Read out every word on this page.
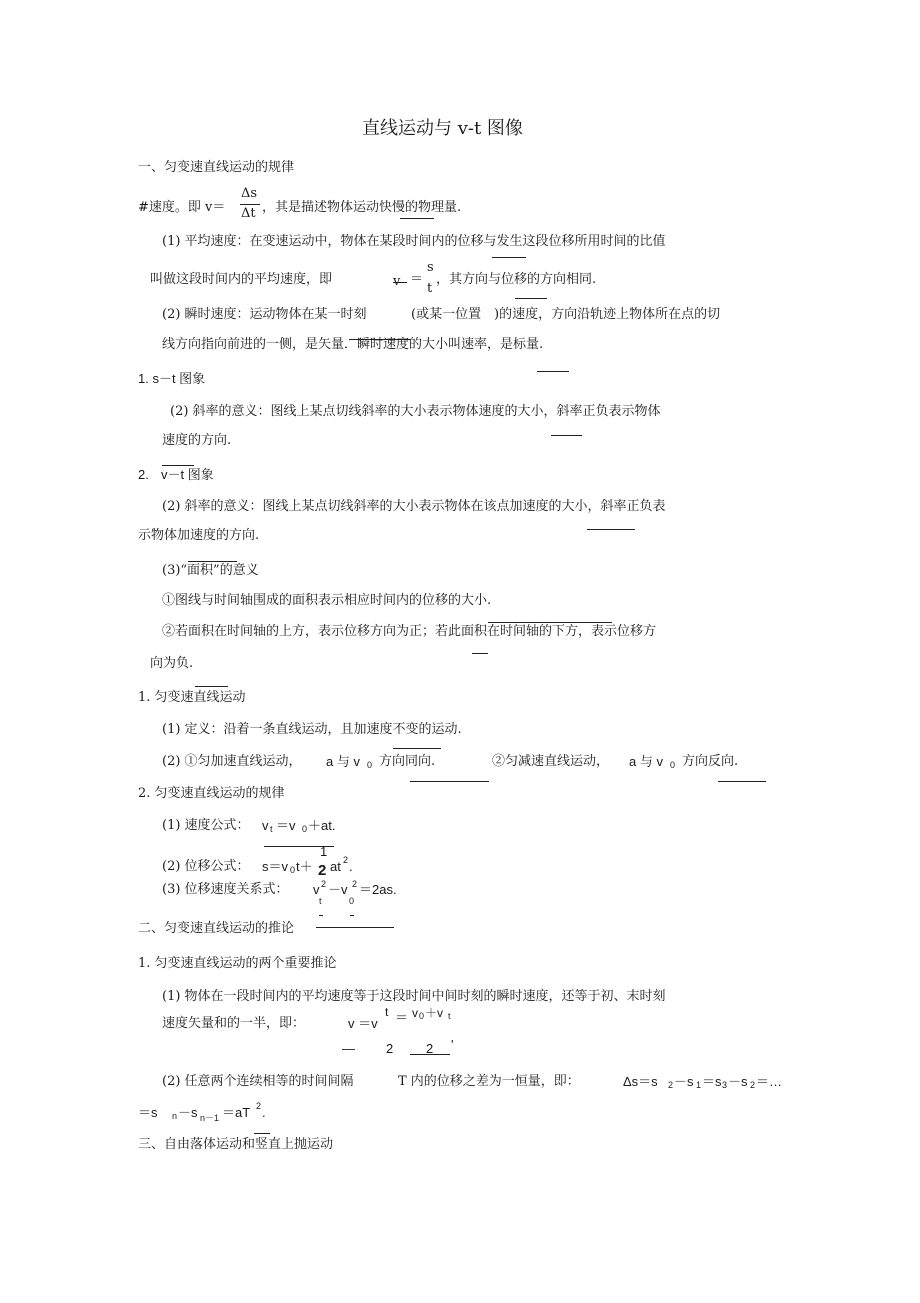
直线运动与 v-t 图像
一、匀变速直线运动的规律
#速度。即 v＝
Δs
Δt ，其是描述物体运动快慢的物理量.
(1) 平均速度：在变速运动中，物体在某段时间内的位移与发生这段位移所用时间的比值
叫做这段时间内的平均速度，即	v ＝
s
t
，其方向与位移的方向相同.
(2) 瞬时速度：运动物体在某一时刻	(或某一位置 )的速度，方向沿轨迹上物体所在点的切
线方向指向前进的一侧，是矢量．瞬时速度的大小叫速率，是标量.
1. s－t 图象
(2) 斜率的意义：图线上某点切线斜率的大小表示物体速度的大小，斜率正负表示物体
速度的方向.
2. v－t 图象
(2) 斜率的意义：图线上某点切线斜率的大小表示物体在该点加速度的大小，斜率正负表
示物体加速度的方向.
(3)“面积”的意义
①图线与时间轴围成的面积表示相应时间内的位移的大小.
②若面积在时间轴的上方，表示位移方向为正；若此面积在时间轴的下方，表示位移方
向为负.
1. 匀变速直线运动
(1) 定义：沿着一条直线运动，且加速度不变的运动.
(2) ①匀加速直线运动， a 与 v 0 方向同向.	②匀减速直线运动， a 与 v 0 方向反向.
2. 匀变速直线运动的规律
(1) 速度公式： v t ＝v 0 ＋at.
(2) 位移公式： s＝v 0 t＋
1
2 at 2 .
(3) 位移速度关系式： v 2
t
－v 2
0
＝2as.
二、匀变速直线运动的推论
1. 匀变速直线运动的两个重要推论
(1) 物体在一段时间内的平均速度等于这段时间中间时刻的瞬时速度，还等于初、末时刻
速度矢量和的一半，即：	v ＝v
t ＝ v 0 ＋v t
— 2	2 '
(2) 任意两个连续相等的时间间隔	T 内的位移之差为一恒量，即：	Δs＝s 2 －s 1 ＝s 3 －s 2 ＝…
＝s n －s n－1 ＝aT 2 .
三、自由落体运动和竖直上抛运动
